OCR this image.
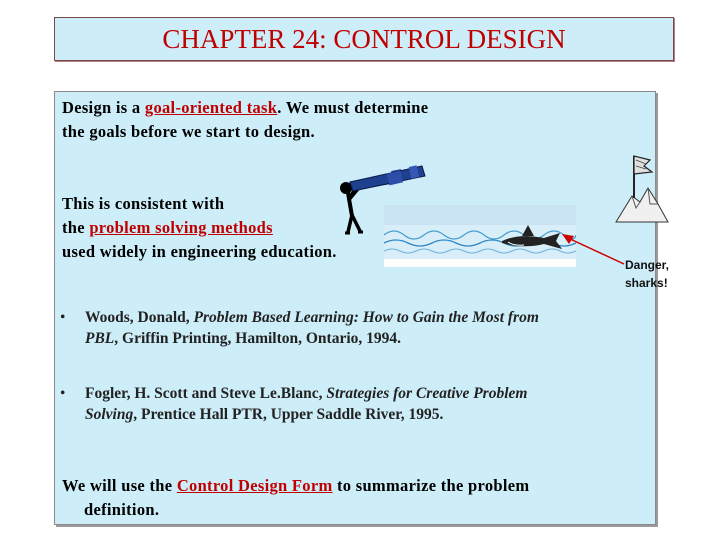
CHAPTER 24: CONTROL DESIGN
Design is a goal-oriented task. We must determine
the goals before we start to design.
This is consistent with
the problem solving methods
used widely in engineering education.
Danger,
sharks!
• Woods, Donald, Problem Based Learning: How to Gain the Most from
PBL, Griffin Printing, Hamilton, Ontario, 1994.
• Fogler, H. Scott and Steve Le.Blanc, Strategies for Creative Problem
Solving, Prentice Hall PTR, Upper Saddle River, 1995.
We will use the Control Design Form to summarize the problem
definition.
